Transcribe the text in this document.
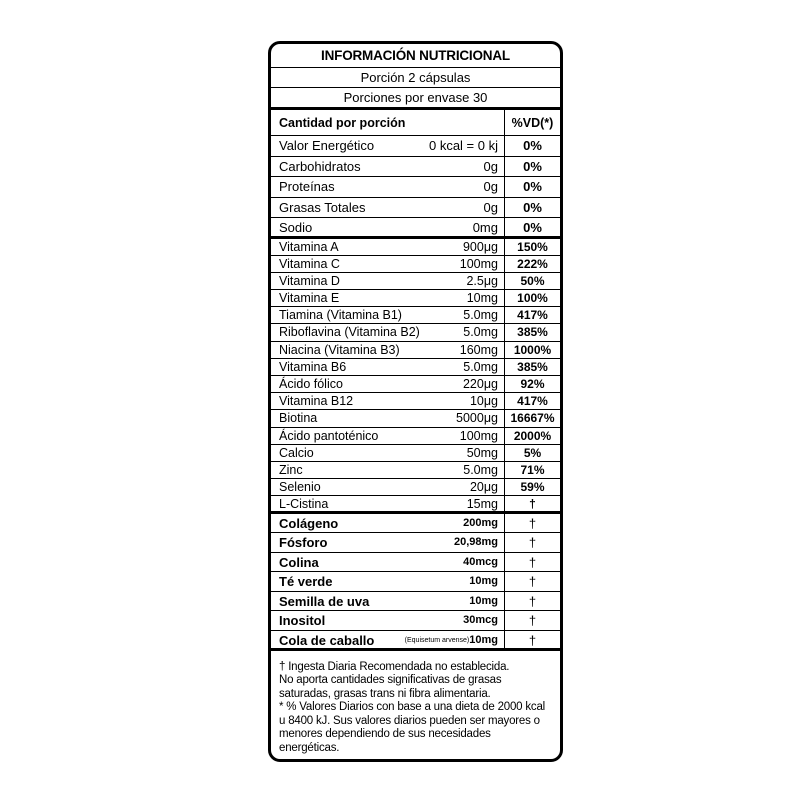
INFORMACIÓN NUTRICIONAL
Porción 2 cápsulas
Porciones por envase 30
Cantidad por porción	%VD(*)
Valor Energético	0 kcal = 0 kj	0%
Carbohidratos	0g	0%
Proteínas	0g	0%
Grasas Totales	0g	0%
Sodio	0mg	0%
Vitamina A	900μg	150%
Vitamina C	100mg	222%
Vitamina D	2.5μg	50%
Vitamina E	10mg	100%
Tiamina (Vitamina B1)	5.0mg	417%
Riboflavina (Vitamina B2)	5.0mg	385%
Niacina (Vitamina B3)	160mg	1000%
Vitamina B6	5.0mg	385%
Ácido fólico	220μg	92%
Vitamina B12	10μg	417%
Biotina	5000μg	16667%
Ácido pantoténico	100mg	2000%
Calcio	50mg	5%
Zinc	5.0mg	71%
Selenio	20μg	59%
L-Cistina	15mg	†
Colágeno	200mg	†
Fósforo	20,98mg	†
Colina	40mcg	†
Té verde	10mg	†
Semilla de uva	10mg	†
Inositol	30mcg	†
Cola de caballo	(Equisetum arvense) 10mg	†

† Ingesta Diaria Recomendada no establecida.

No aporta cantidades significativas de grasas saturadas, grasas trans ni fibra alimentaria.

* % Valores Diarios con base a una dieta de 2000 kcal u 8400 kJ. Sus valores diarios pueden ser mayores o menores dependiendo de sus necesidades energéticas.
